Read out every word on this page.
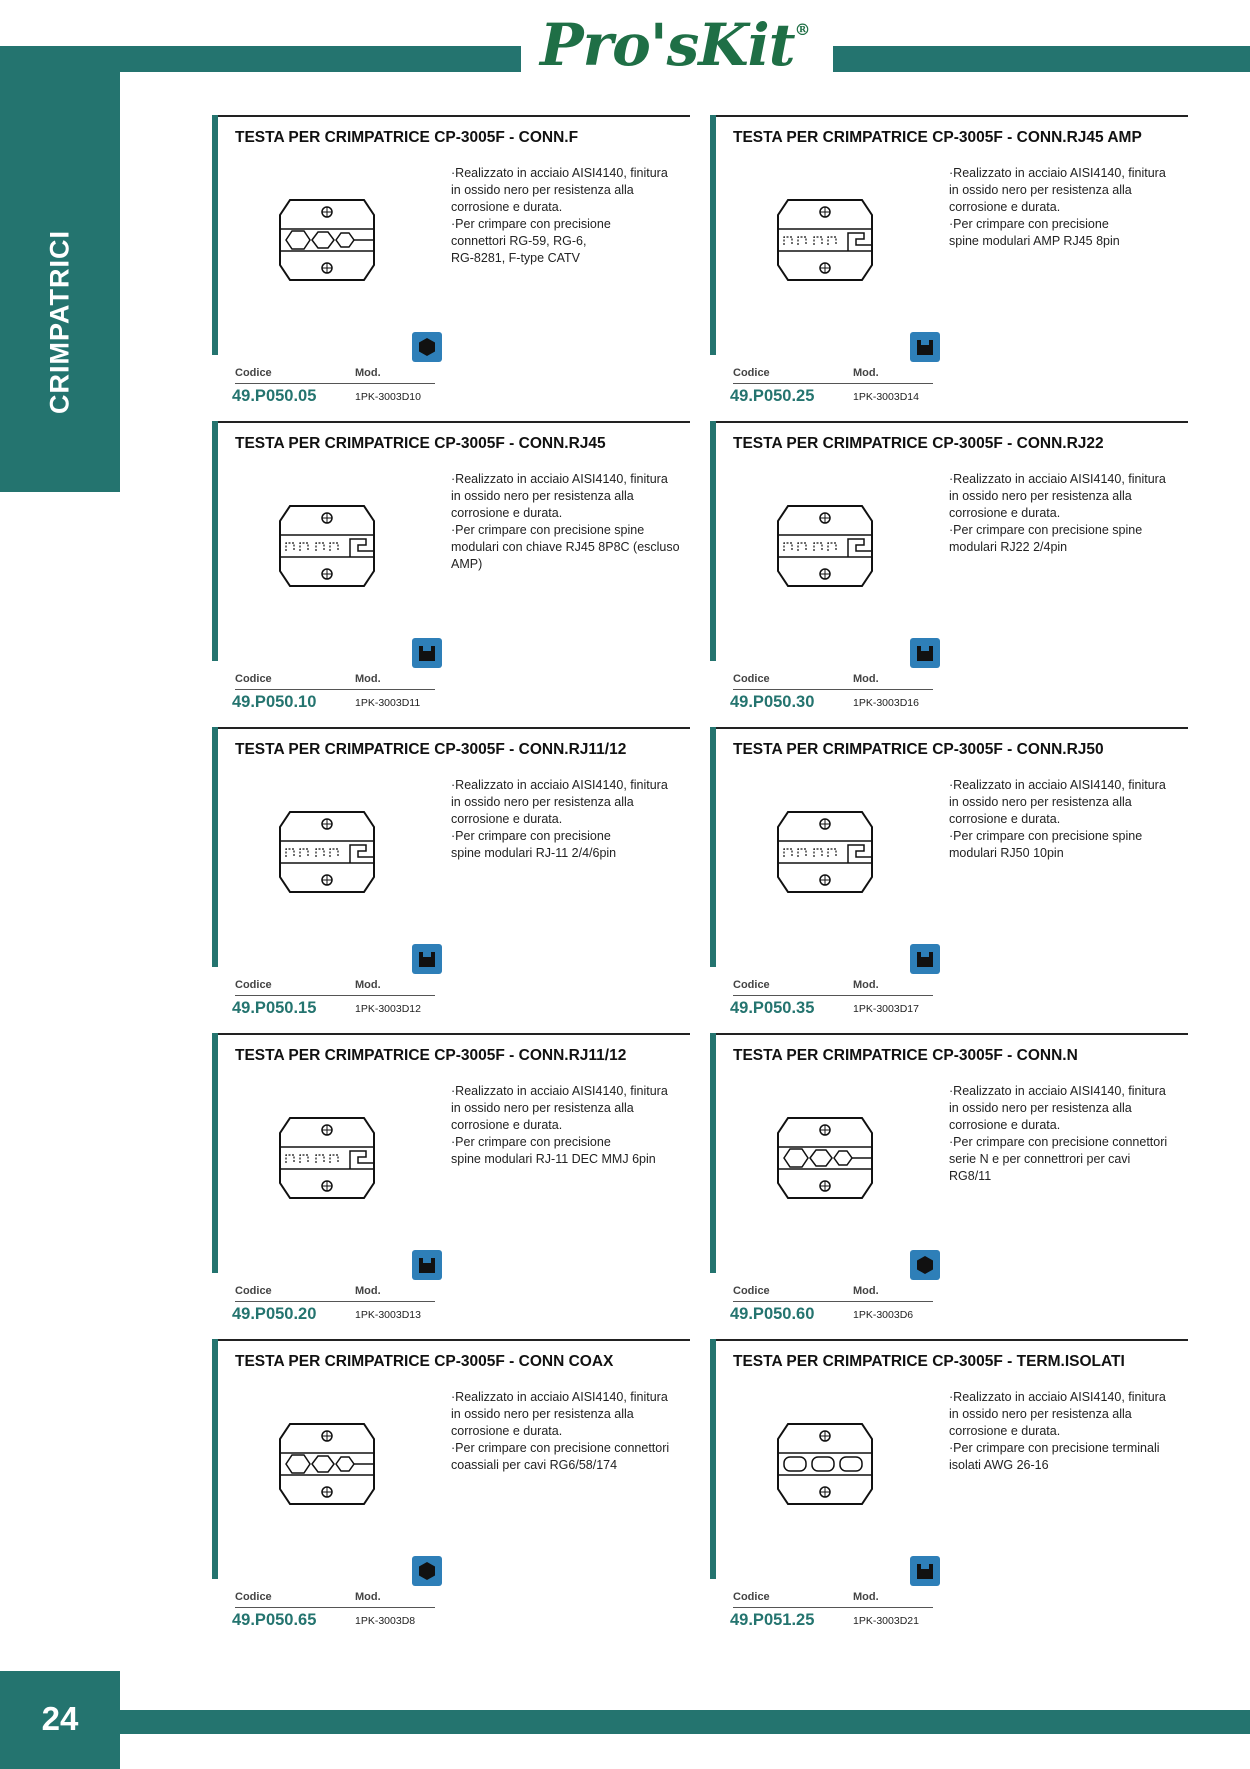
Pro'sKit®
CRIMPATRICI
24
TESTA PER CRIMPATRICE CP-3005F - CONN.F
·Realizzato in acciaio AISI4140, finitura
in ossido nero per resistenza alla
corrosione e durata.
·Per crimpare con precisione
connettori RG-59, RG-6,
RG-8281, F-type CATV
Codice	Mod.
49.P050.05	1PK-3003D10
TESTA PER CRIMPATRICE CP-3005F - CONN.RJ45 AMP
·Realizzato in acciaio AISI4140, finitura
in ossido nero per resistenza alla
corrosione e durata.
·Per crimpare con precisione
spine modulari AMP RJ45 8pin
Codice	Mod.
49.P050.25	1PK-3003D14
TESTA PER CRIMPATRICE CP-3005F - CONN.RJ45
·Realizzato in acciaio AISI4140, finitura
in ossido nero per resistenza alla
corrosione e durata.
·Per crimpare con precisione spine
modulari con chiave RJ45 8P8C (escluso
AMP)
Codice	Mod.
49.P050.10	1PK-3003D11
TESTA PER CRIMPATRICE CP-3005F - CONN.RJ22
·Realizzato in acciaio AISI4140, finitura
in ossido nero per resistenza alla
corrosione e durata.
·Per crimpare con precisione spine
modulari RJ22 2/4pin
Codice	Mod.
49.P050.30	1PK-3003D16
TESTA PER CRIMPATRICE CP-3005F - CONN.RJ11/12
·Realizzato in acciaio AISI4140, finitura
in ossido nero per resistenza alla
corrosione e durata.
·Per crimpare con precisione
spine modulari RJ-11 2/4/6pin
Codice	Mod.
49.P050.15	1PK-3003D12
TESTA PER CRIMPATRICE CP-3005F - CONN.RJ50
·Realizzato in acciaio AISI4140, finitura
in ossido nero per resistenza alla
corrosione e durata.
·Per crimpare con precisione spine
modulari RJ50 10pin
Codice	Mod.
49.P050.35	1PK-3003D17
TESTA PER CRIMPATRICE CP-3005F - CONN.RJ11/12
·Realizzato in acciaio AISI4140, finitura
in ossido nero per resistenza alla
corrosione e durata.
·Per crimpare con precisione
spine modulari RJ-11 DEC MMJ 6pin
Codice	Mod.
49.P050.20	1PK-3003D13
TESTA PER CRIMPATRICE CP-3005F - CONN.N
·Realizzato in acciaio AISI4140, finitura
in ossido nero per resistenza alla
corrosione e durata.
·Per crimpare con precisione connettori
serie N e per connettrori per cavi
RG8/11
Codice	Mod.
49.P050.60	1PK-3003D6
TESTA PER CRIMPATRICE CP-3005F - CONN COAX
·Realizzato in acciaio AISI4140, finitura
in ossido nero per resistenza alla
corrosione e durata.
·Per crimpare con precisione connettori
coassiali per cavi RG6/58/174
Codice	Mod.
49.P050.65	1PK-3003D8
TESTA PER CRIMPATRICE CP-3005F - TERM.ISOLATI
·Realizzato in acciaio AISI4140, finitura
in ossido nero per resistenza alla
corrosione e durata.
·Per crimpare con precisione terminali
isolati AWG 26-16
Codice	Mod.
49.P051.25	1PK-3003D21
